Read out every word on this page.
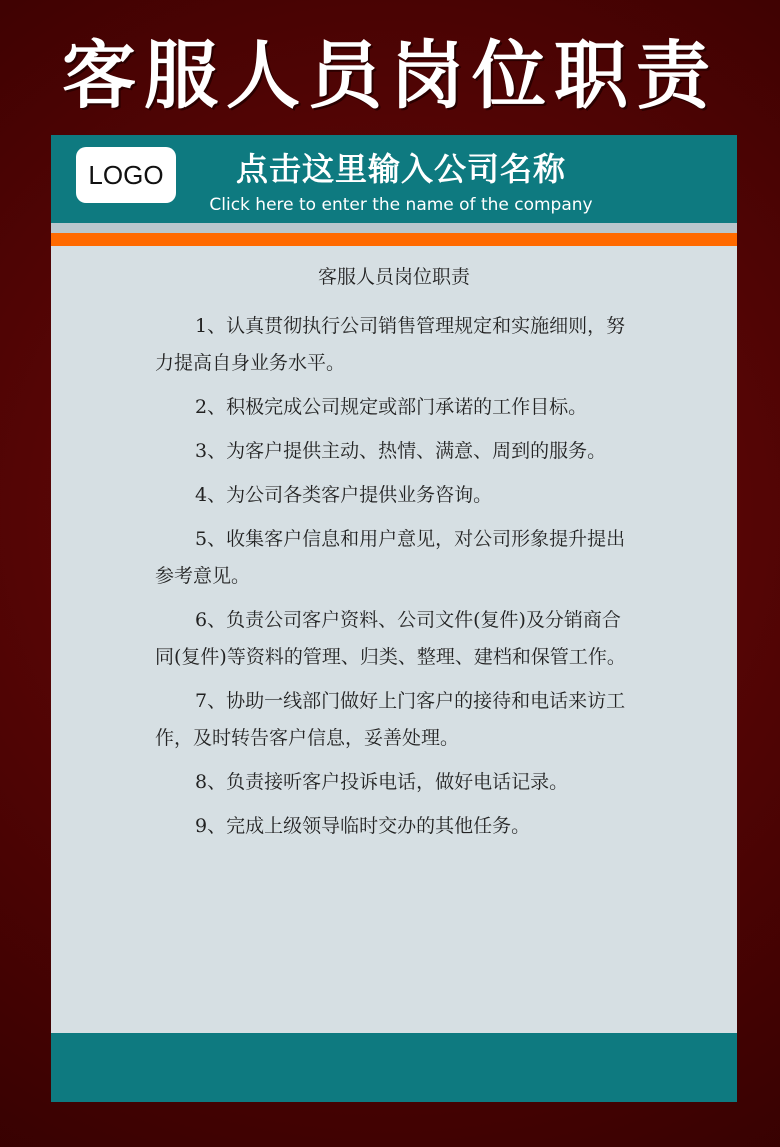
客服人员岗位职责
LOGO	点击这里输入公司名称
Click here to enter the name of the company
客服人员岗位职责
1、认真贯彻执行公司销售管理规定和实施细则，努力提高自身业务水平。
2、积极完成公司规定或部门承诺的工作目标。
3、为客户提供主动、热情、满意、周到的服务。
4、为公司各类客户提供业务咨询。
5、收集客户信息和用户意见，对公司形象提升提出参考意见。
6、负责公司客户资料、公司文件(复件)及分销商合同(复件)等资料的管理、归类、整理、建档和保管工作。
7、协助一线部门做好上门客户的接待和电话来访工作，及时转告客户信息，妥善处理。
8、负责接听客户投诉电话，做好电话记录。
9、完成上级领导临时交办的其他任务。
